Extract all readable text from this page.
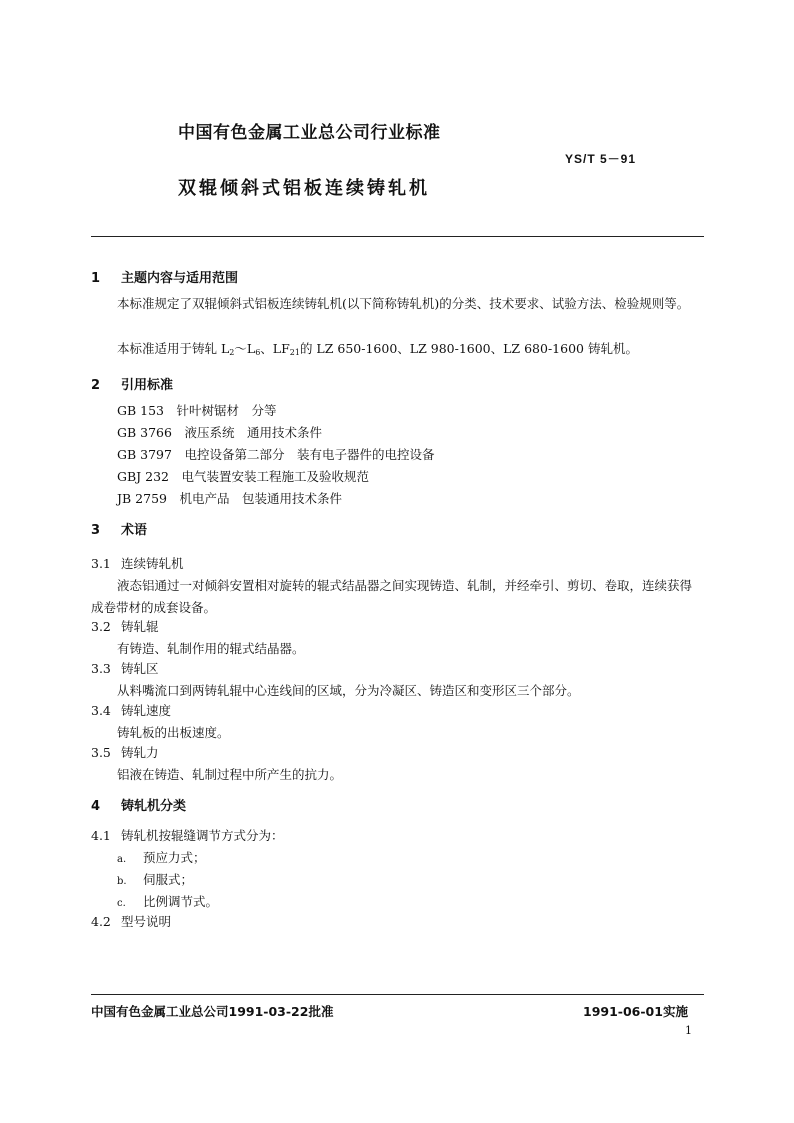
中国有色金属工业总公司行业标准
YS/T 5－91
双辊倾斜式铝板连续铸轧机
1 主题内容与适用范围
本标准规定了双辊倾斜式铝板连续铸轧机(以下简称铸轧机)的分类、技术要求、试验方法、检验规则等。
本标准适用于铸轧 $L_2\sim L_6$、$LF_{21}$的 LZ 650-1600、LZ 980-1600、LZ 680-1600 铸轧机。
2 引用标准
GB 153　 针叶树锯材　分等
GB 3766　 液压系统　通用技术条件
GB 3797　 电控设备第二部分　装有电子器件的电控设备
GBJ 232　 电气装置安装工程施工及验收规范
JB 2759　 机电产品　包装通用技术条件
3 术语
3.1 连续铸轧机
液态铝通过一对倾斜安置相对旋转的辊式结晶器之间实现铸造、轧制，并经牵引、剪切、卷取，连续获得成卷带材的成套设备。
3.2 铸轧辊
有铸造、轧制作用的辊式结晶器。
3.3 铸轧区
从料嘴流口到两铸轧辊中心连线间的区域，分为冷凝区、铸造区和变形区三个部分。
3.4 铸轧速度
铸轧板的出板速度。
3.5 铸轧力
铝液在铸造、轧制过程中所产生的抗力。
4 铸轧机分类
4.1 铸轧机按辊缝调节方式分为：
a. 预应力式；
b. 伺服式；
c. 比例调节式。
4.2 型号说明
中国有色金属工业总公司1991-03-22批准	1991-06-01实施
1
